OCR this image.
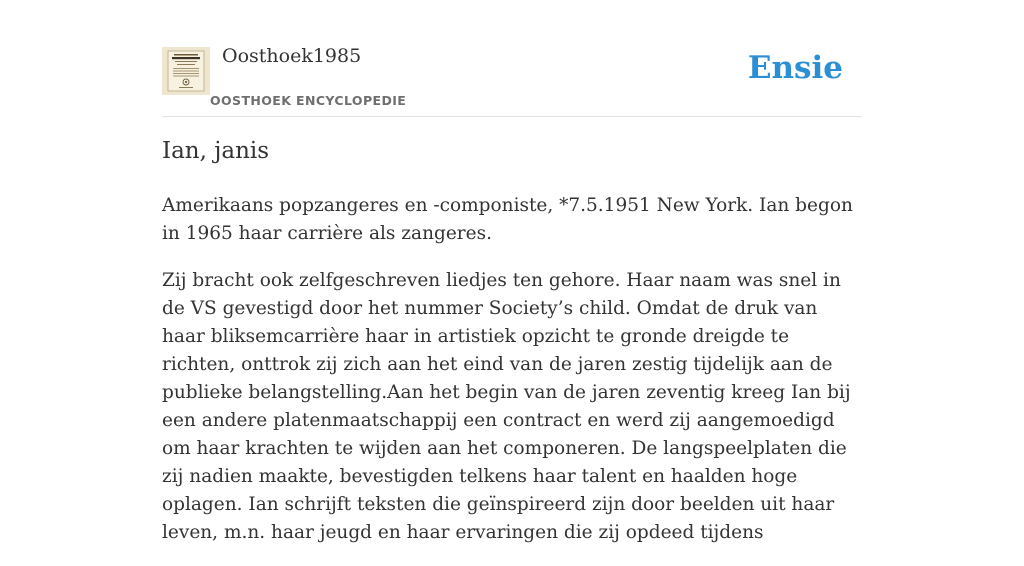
Oosthoek1985
OOSTHOEK ENCYCLOPEDIE
Ensie
Ian, janis

Amerikaans popzangeres en -componiste, *7.5.1951 New York. Ian begon in 1965 haar carrière als zangeres.

Zij bracht ook zelfgeschreven liedjes ten gehore. Haar naam was snel in de VS gevestigd door het nummer Society’s child. Omdat de druk van haar bliksemcarrière haar in artistiek opzicht te gronde dreigde te richten, onttrok zij zich aan het eind van de jaren zestig tijdelijk aan de publieke belangstelling.Aan het begin van de jaren zeventig kreeg Ian bij een andere platenmaatschappij een contract en werd zij aangemoedigd om haar krachten te wijden aan het componeren. De langspeelplaten die zij nadien maakte, bevestigden telkens haar talent en haalden hoge oplagen. Ian schrijft teksten die geïnspireerd zijn door beelden uit haar leven, m.n. haar jeugd en haar ervaringen die zij opdeed tijdens
